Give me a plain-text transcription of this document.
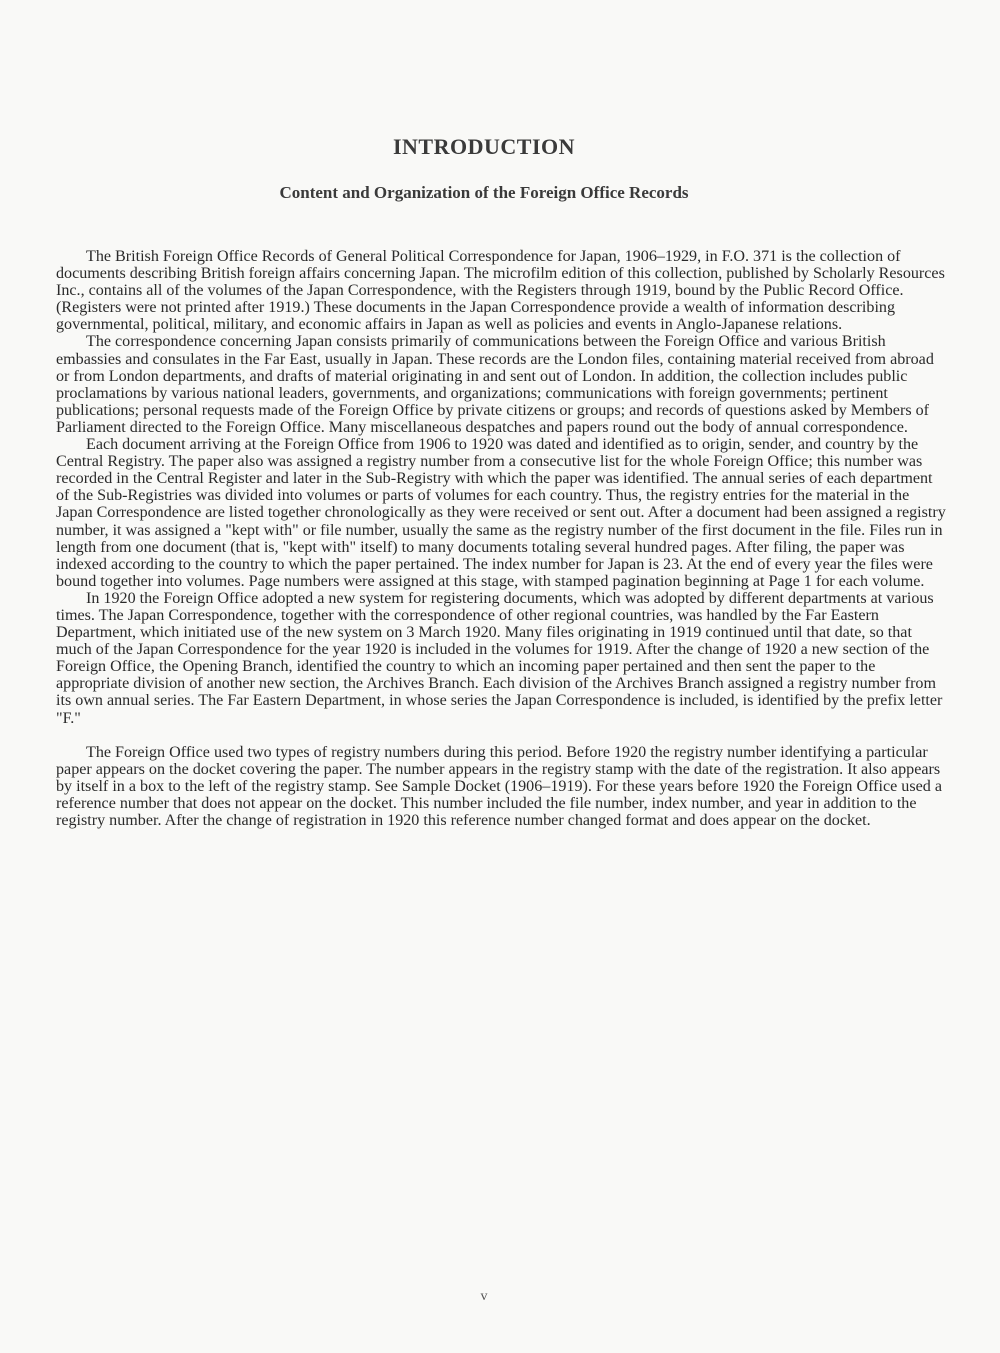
INTRODUCTION
Content and Organization of the Foreign Office Records

The British Foreign Office Records of General Political Correspondence for Japan, 1906–1929, in F.O. 371 is the collection of documents describing British foreign affairs concerning Japan. The microfilm edition of this collection, published by Scholarly Resources Inc., contains all of the volumes of the Japan Correspondence, with the Registers through 1919, bound by the Public Record Office. (Registers were not printed after 1919.) These documents in the Japan Correspondence provide a wealth of information describing governmental, political, military, and economic affairs in Japan as well as policies and events in Anglo-Japanese relations.

The correspondence concerning Japan consists primarily of communications between the Foreign Office and various British embassies and consulates in the Far East, usually in Japan. These records are the London files, containing material received from abroad or from London departments, and drafts of material originating in and sent out of London. In addition, the collection includes public proclamations by various national leaders, governments, and organizations; communications with foreign governments; pertinent publications; personal requests made of the Foreign Office by private citizens or groups; and records of questions asked by Members of Parliament directed to the Foreign Office. Many miscellaneous despatches and papers round out the body of annual correspondence.

Each document arriving at the Foreign Office from 1906 to 1920 was dated and identified as to origin, sender, and country by the Central Registry. The paper also was assigned a registry number from a consecutive list for the whole Foreign Office; this number was recorded in the Central Register and later in the Sub-Registry with which the paper was identified. The annual series of each department of the Sub-Registries was divided into volumes or parts of volumes for each country. Thus, the registry entries for the material in the Japan Correspondence are listed together chronologically as they were received or sent out. After a document had been assigned a registry number, it was assigned a "kept with" or file number, usually the same as the registry number of the first document in the file. Files run in length from one document (that is, "kept with" itself) to many documents totaling several hundred pages. After filing, the paper was indexed according to the country to which the paper pertained. The index number for Japan is 23. At the end of every year the files were bound together into volumes. Page numbers were assigned at this stage, with stamped pagination beginning at Page 1 for each volume.

In 1920 the Foreign Office adopted a new system for registering documents, which was adopted by different departments at various times. The Japan Correspondence, together with the correspondence of other regional countries, was handled by the Far Eastern Department, which initiated use of the new system on 3 March 1920. Many files originating in 1919 continued until that date, so that much of the Japan Correspondence for the year 1920 is included in the volumes for 1919. After the change of 1920 a new section of the Foreign Office, the Opening Branch, identified the country to which an incoming paper pertained and then sent the paper to the appropriate division of another new section, the Archives Branch. Each division of the Archives Branch assigned a registry number from its own annual series. The Far Eastern Department, in whose series the Japan Correspondence is included, is identified by the prefix letter "F."

The Foreign Office used two types of registry numbers during this period. Before 1920 the registry number identifying a particular paper appears on the docket covering the paper. The number appears in the registry stamp with the date of the registration. It also appears by itself in a box to the left of the registry stamp. See Sample Docket (1906–1919). For these years before 1920 the Foreign Office used a reference number that does not appear on the docket. This number included the file number, index number, and year in addition to the registry number. After the change of registration in 1920 this reference number changed format and does appear on the docket.

v
